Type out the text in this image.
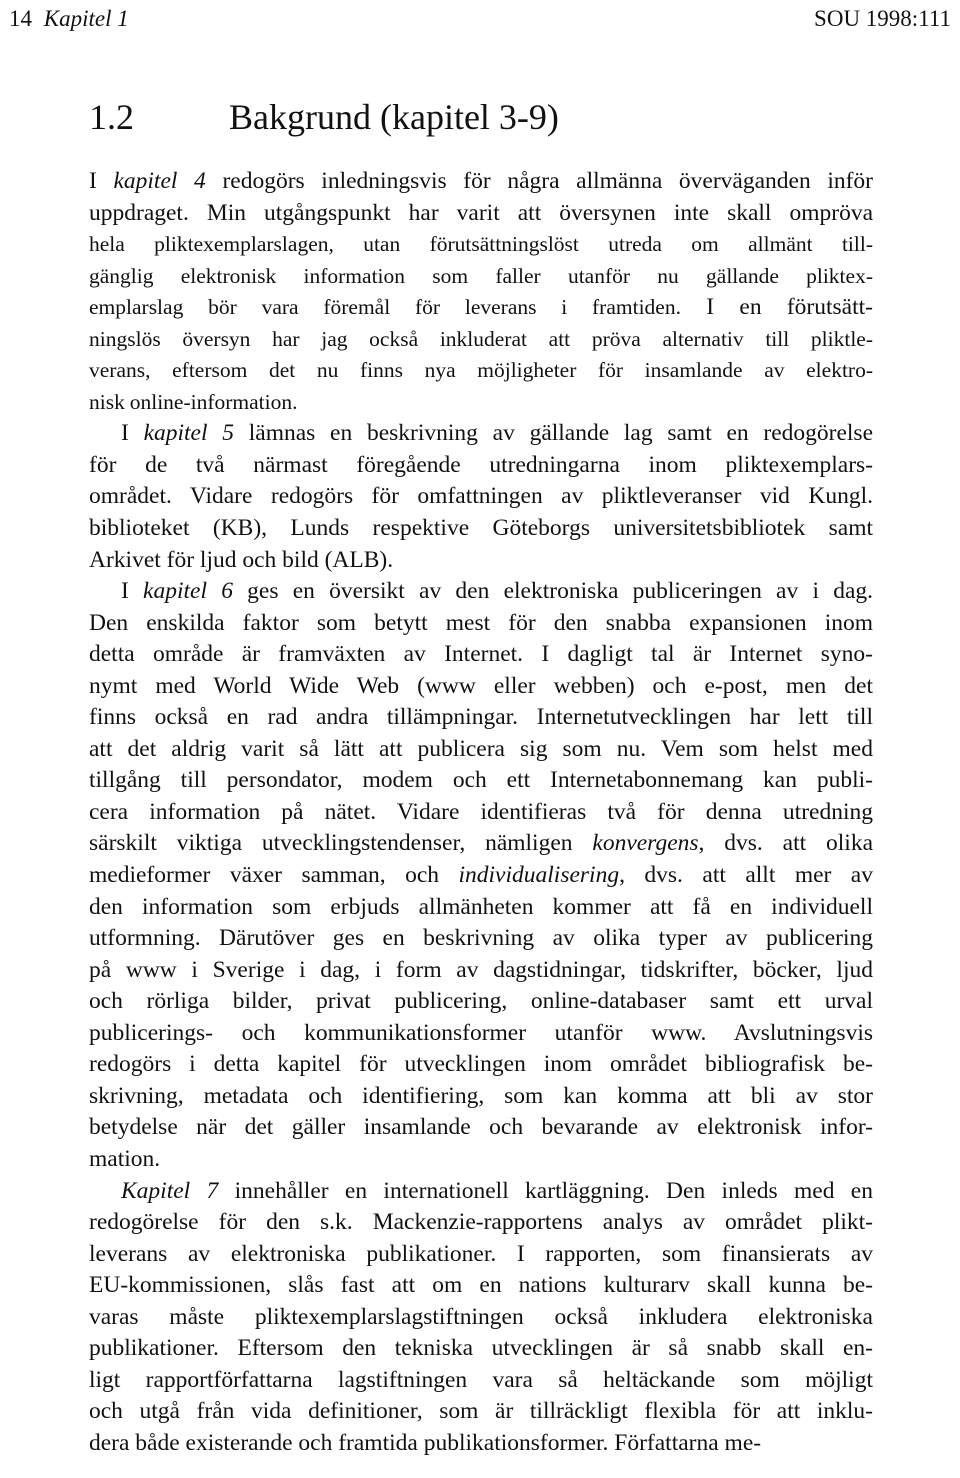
14 Kapitel 1	SOU 1998:111
1.2	Bakgrund (kapitel 3-9)
I kapitel 4 redogörs inledningsvis för några allmänna överväganden inför
uppdraget. Min utgångspunkt har varit att översynen inte skall ompröva
hela pliktexemplarslagen, utan förutsättningslöst utreda om allmänt till-
gänglig elektronisk information som faller utanför nu gällande pliktex-
emplarslag bör vara föremål för leverans i framtiden. I en förutsätt-
ningslös översyn har jag också inkluderat att pröva alternativ till pliktle-
verans, eftersom det nu finns nya möjligheter för insamlande av elektro-
nisk online-information.
I kapitel 5 lämnas en beskrivning av gällande lag samt en redogörelse
för de två närmast föregående utredningarna inom pliktexemplars-
området. Vidare redogörs för omfattningen av pliktleveranser vid Kungl.
biblioteket (KB), Lunds respektive Göteborgs universitetsbibliotek samt
Arkivet för ljud och bild (ALB).
I kapitel 6 ges en översikt av den elektroniska publiceringen av i dag.
Den enskilda faktor som betytt mest för den snabba expansionen inom
detta område är framväxten av Internet. I dagligt tal är Internet syno-
nymt med World Wide Web (www eller webben) och e-post, men det
finns också en rad andra tillämpningar. Internetutvecklingen har lett till
att det aldrig varit så lätt att publicera sig som nu. Vem som helst med
tillgång till persondator, modem och ett Internetabonnemang kan publi-
cera information på nätet. Vidare identifieras två för denna utredning
särskilt viktiga utvecklingstendenser, nämligen konvergens, dvs. att olika
medieformer växer samman, och individualisering, dvs. att allt mer av
den information som erbjuds allmänheten kommer att få en individuell
utformning. Därutöver ges en beskrivning av olika typer av publicering
på www i Sverige i dag, i form av dagstidningar, tidskrifter, böcker, ljud
och rörliga bilder, privat publicering, online-databaser samt ett urval
publicerings- och kommunikationsformer utanför www. Avslutningsvis
redogörs i detta kapitel för utvecklingen inom området bibliografisk be-
skrivning, metadata och identifiering, som kan komma att bli av stor
betydelse när det gäller insamlande och bevarande av elektronisk infor-
mation.
Kapitel 7 innehåller en internationell kartläggning. Den inleds med en
redogörelse för den s.k. Mackenzie-rapportens analys av området plikt-
leverans av elektroniska publikationer. I rapporten, som finansierats av
EU-kommissionen, slås fast att om en nations kulturarv skall kunna be-
varas måste pliktexemplarslagstiftningen också inkludera elektroniska
publikationer. Eftersom den tekniska utvecklingen är så snabb skall en-
ligt rapportförfattarna lagstiftningen vara så heltäckande som möjligt
och utgå från vida definitioner, som är tillräckligt flexibla för att inklu-
dera både existerande och framtida publikationsformer. Författarna me-
